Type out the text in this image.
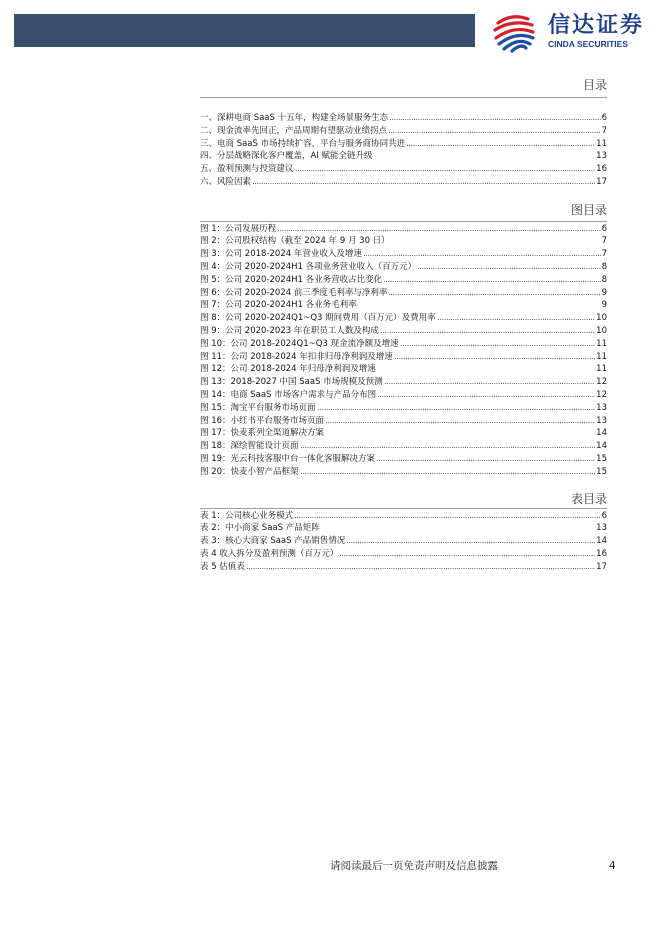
信达证券
CINDA SECURITIES
目录
一、深耕电商 SaaS 十五年，构建全场景服务生态	6
二、现金流率先回正，产品周期有望驱动业绩拐点	7
三、电商 SaaS 市场持续扩容，平台与服务商协同共进	11
四、分层战略深化客户覆盖，AI 赋能全链升级	13
五、盈利预测与投资建议	16
六、风险因素	17
图目录
图 1：公司发展历程	6
图 2：公司股权结构（截至 2024 年 9 月 30 日）	7
图 3：公司 2018-2024 年营业收入及增速	7
图 4：公司 2020-2024H1 各项业务营业收入（百万元）	8
图 5：公司 2020-2024H1 各业务营收占比变化	8
图 6：公司 2020-2024 前三季度毛利率与净利率	9
图 7：公司 2020-2024H1 各业务毛利率	9
图 8：公司 2020-2024Q1~Q3 期间费用（百万元）及费用率	10
图 9：公司 2020-2023 年在职员工人数及构成	10
图 10：公司 2018-2024Q1~Q3 现金流净额及增速	11
图 11：公司 2018-2024 年扣非归母净利润及增速	11
图 12：公司 2018-2024 年归母净利润及增速	11
图 13：2018-2027 中国 SaaS 市场规模及预测	12
图 14：电商 SaaS 市场客户需求与产品分布图	12
图 15：淘宝平台服务市场页面	13
图 16：小红书平台服务市场页面	13
图 17：快麦系列全渠道解决方案	14
图 18：深绘智能设计页面	14
图 19：光云科技客服中台一体化客服解决方案	15
图 20：快麦小智产品框架	15
表目录
表 1：公司核心业务模式	6
表 2：中小商家 SaaS 产品矩阵	13
表 3：核心大商家 SaaS 产品销售情况	14
表 4 收入拆分及盈利预测（百万元）	16
表 5 估值表	17
请阅读最后一页免责声明及信息披露	4
